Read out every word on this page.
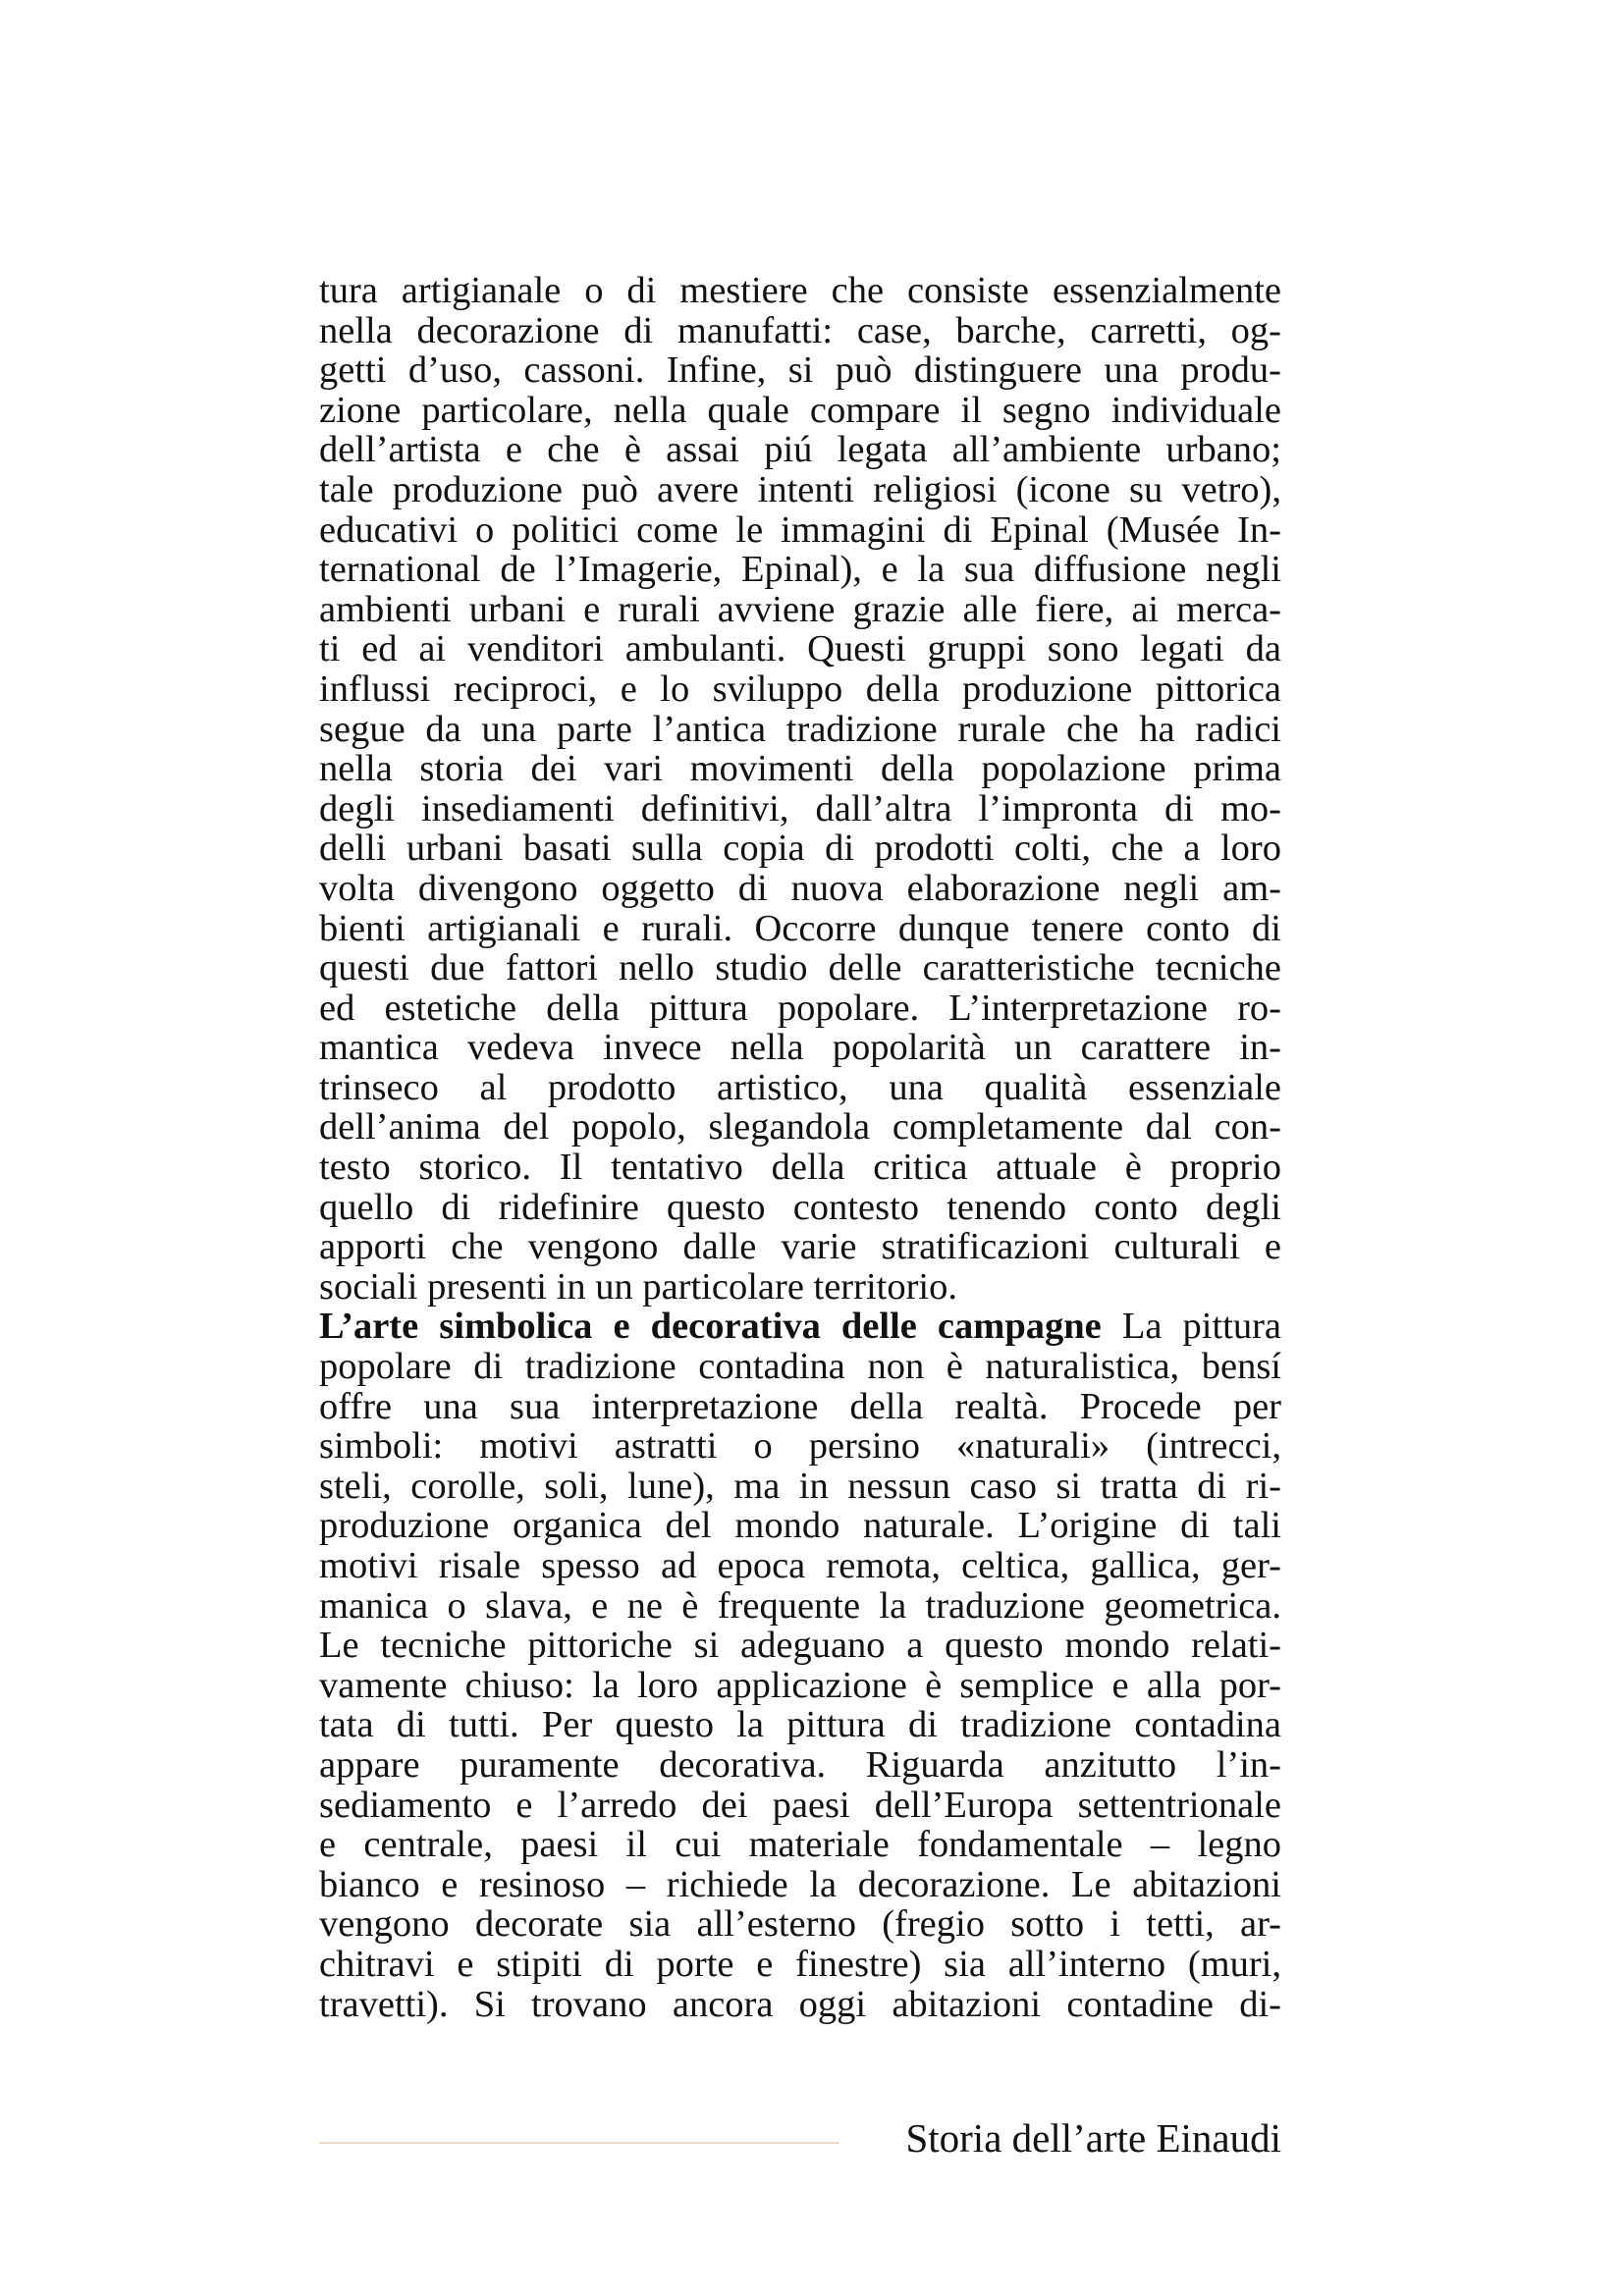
tura artigianale o di mestiere che consiste essenzialmente
nella decorazione di manufatti: case, barche, carretti, og-
getti d’uso, cassoni. Infine, si può distinguere una produ-
zione particolare, nella quale compare il segno individuale
dell’artista e che è assai piú legata all’ambiente urbano;
tale produzione può avere intenti religiosi (icone su vetro),
educativi o politici come le immagini di Epinal (Musée In-
ternational de l’Imagerie, Epinal), e la sua diffusione negli
ambienti urbani e rurali avviene grazie alle fiere, ai merca-
ti ed ai venditori ambulanti. Questi gruppi sono legati da
influssi reciproci, e lo sviluppo della produzione pittorica
segue da una parte l’antica tradizione rurale che ha radici
nella storia dei vari movimenti della popolazione prima
degli insediamenti definitivi, dall’altra l’impronta di mo-
delli urbani basati sulla copia di prodotti colti, che a loro
volta divengono oggetto di nuova elaborazione negli am-
bienti artigianali e rurali. Occorre dunque tenere conto di
questi due fattori nello studio delle caratteristiche tecniche
ed estetiche della pittura popolare. L’interpretazione ro-
mantica vedeva invece nella popolarità un carattere in-
trinseco al prodotto artistico, una qualità essenziale
dell’anima del popolo, slegandola completamente dal con-
testo storico. Il tentativo della critica attuale è proprio
quello di ridefinire questo contesto tenendo conto degli
apporti che vengono dalle varie stratificazioni culturali e
sociali presenti in un particolare territorio.
L’arte simbolica e decorativa delle campagne La pittura
popolare di tradizione contadina non è naturalistica, bensí
offre una sua interpretazione della realtà. Procede per
simboli: motivi astratti o persino «naturali» (intrecci,
steli, corolle, soli, lune), ma in nessun caso si tratta di ri-
produzione organica del mondo naturale. L’origine di tali
motivi risale spesso ad epoca remota, celtica, gallica, ger-
manica o slava, e ne è frequente la traduzione geometrica.
Le tecniche pittoriche si adeguano a questo mondo relati-
vamente chiuso: la loro applicazione è semplice e alla por-
tata di tutti. Per questo la pittura di tradizione contadina
appare puramente decorativa. Riguarda anzitutto l’in-
sediamento e l’arredo dei paesi dell’Europa settentrionale
e centrale, paesi il cui materiale fondamentale – legno
bianco e resinoso – richiede la decorazione. Le abitazioni
vengono decorate sia all’esterno (fregio sotto i tetti, ar-
chitravi e stipiti di porte e finestre) sia all’interno (muri,
travetti). Si trovano ancora oggi abitazioni contadine di-
Storia dell’arte Einaudi
